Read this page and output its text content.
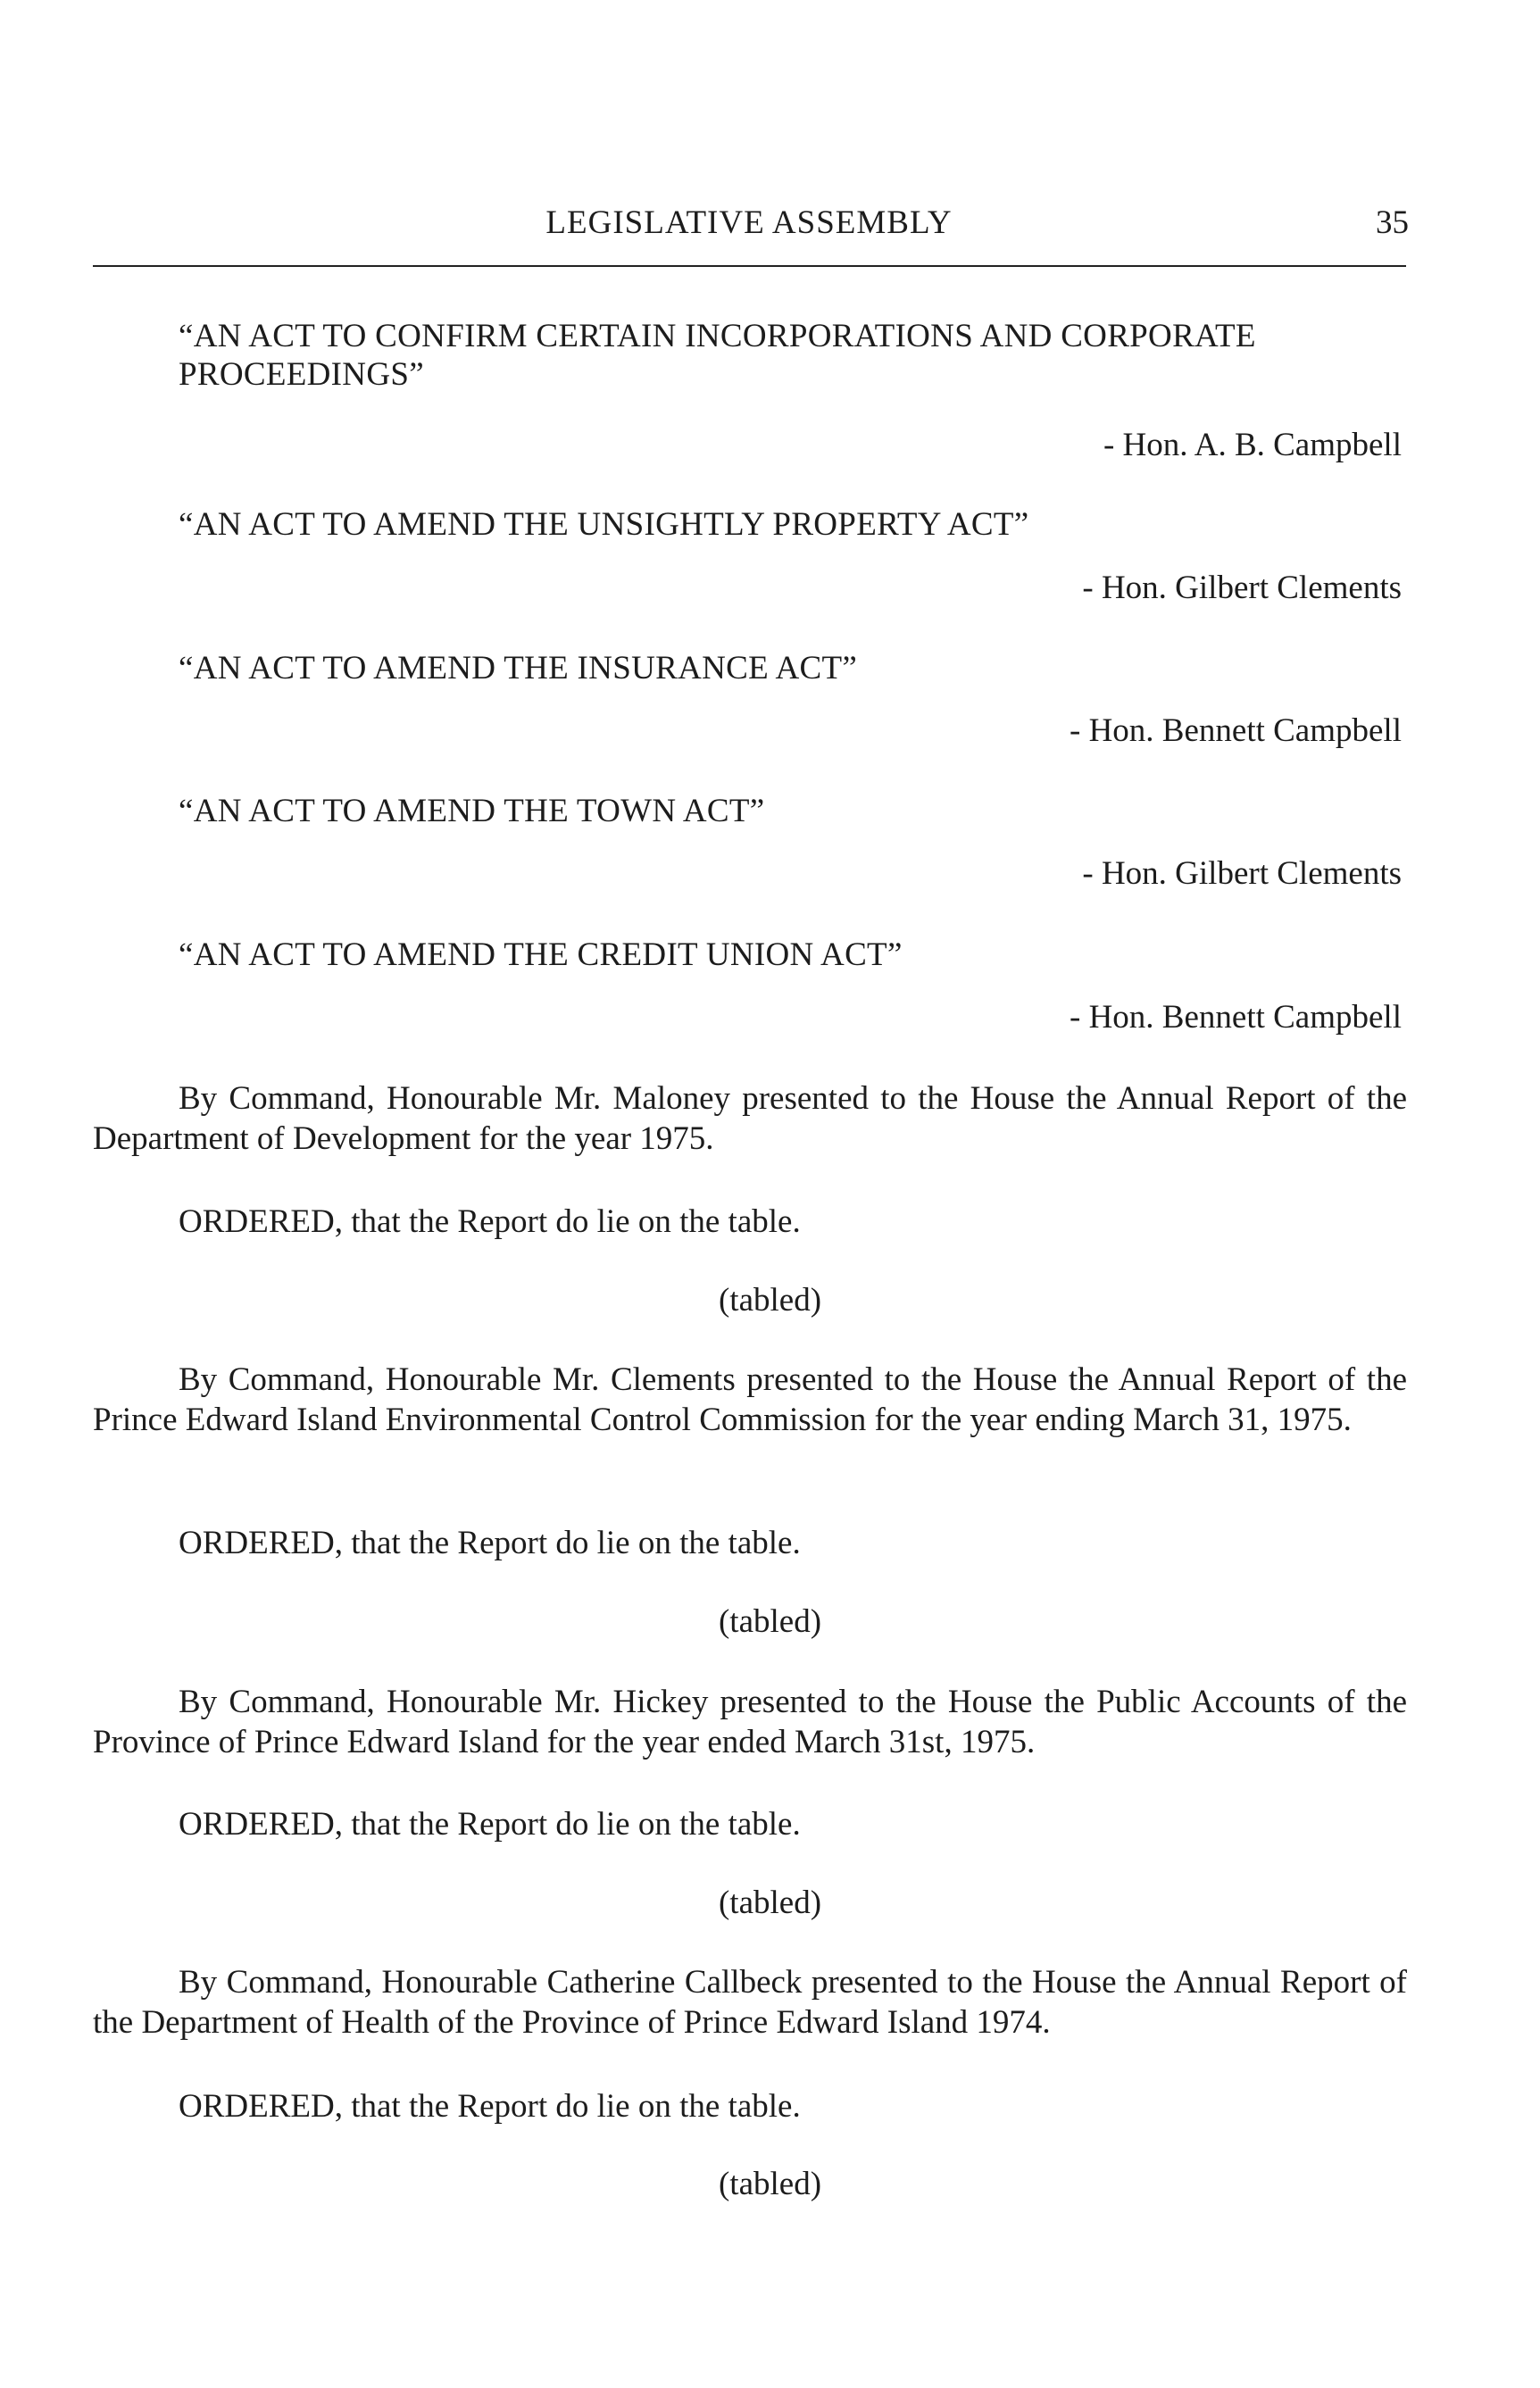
LEGISLATIVE ASSEMBLY	35
“AN ACT TO CONFIRM CERTAIN INCORPORATIONS AND CORPORATE PROCEEDINGS”
- Hon. A. B. Campbell
“AN ACT TO AMEND THE UNSIGHTLY PROPERTY ACT”
- Hon. Gilbert Clements
“AN ACT TO AMEND THE INSURANCE ACT”
- Hon. Bennett Campbell
“AN ACT TO AMEND THE TOWN ACT”
- Hon. Gilbert Clements
“AN ACT TO AMEND THE CREDIT UNION ACT”
- Hon. Bennett Campbell
By Command, Honourable Mr. Maloney presented to the House the Annual Report of the Department of Development for the year 1975.
ORDERED, that the Report do lie on the table.
(tabled)
By Command, Honourable Mr. Clements presented to the House the Annual Report of the Prince Edward Island Environmental Control Commission for the year ending March 31, 1975.
ORDERED, that the Report do lie on the table.
(tabled)
By Command, Honourable Mr. Hickey presented to the House the Public Accounts of the Province of Prince Edward Island for the year ended March 31st, 1975.
ORDERED, that the Report do lie on the table.
(tabled)
By Command, Honourable Catherine Callbeck presented to the House the Annual Report of the Department of Health of the Province of Prince Edward Island 1974.
ORDERED, that the Report do lie on the table.
(tabled)
